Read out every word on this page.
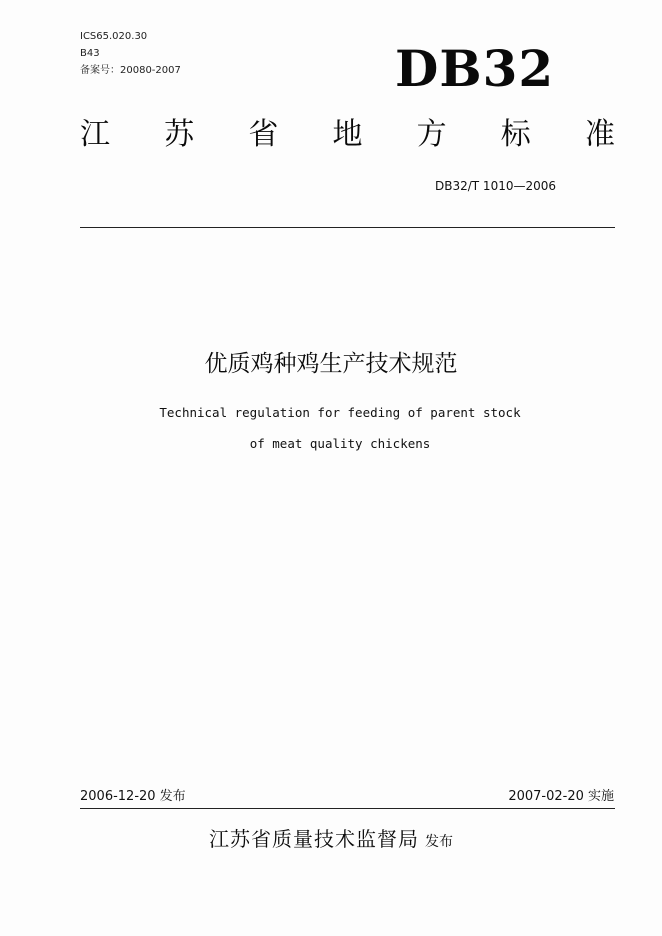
ICS65.020.30
B43
备案号：20080-2007	DB32
江 苏 省 地 方 标 准
DB32/T 1010—2006
优质鸡种鸡生产技术规范
Technical regulation for feeding of parent stock
of meat quality chickens
2006-12-20 发布	2007-02-20 实施
江苏省质量技术监督局 发布
